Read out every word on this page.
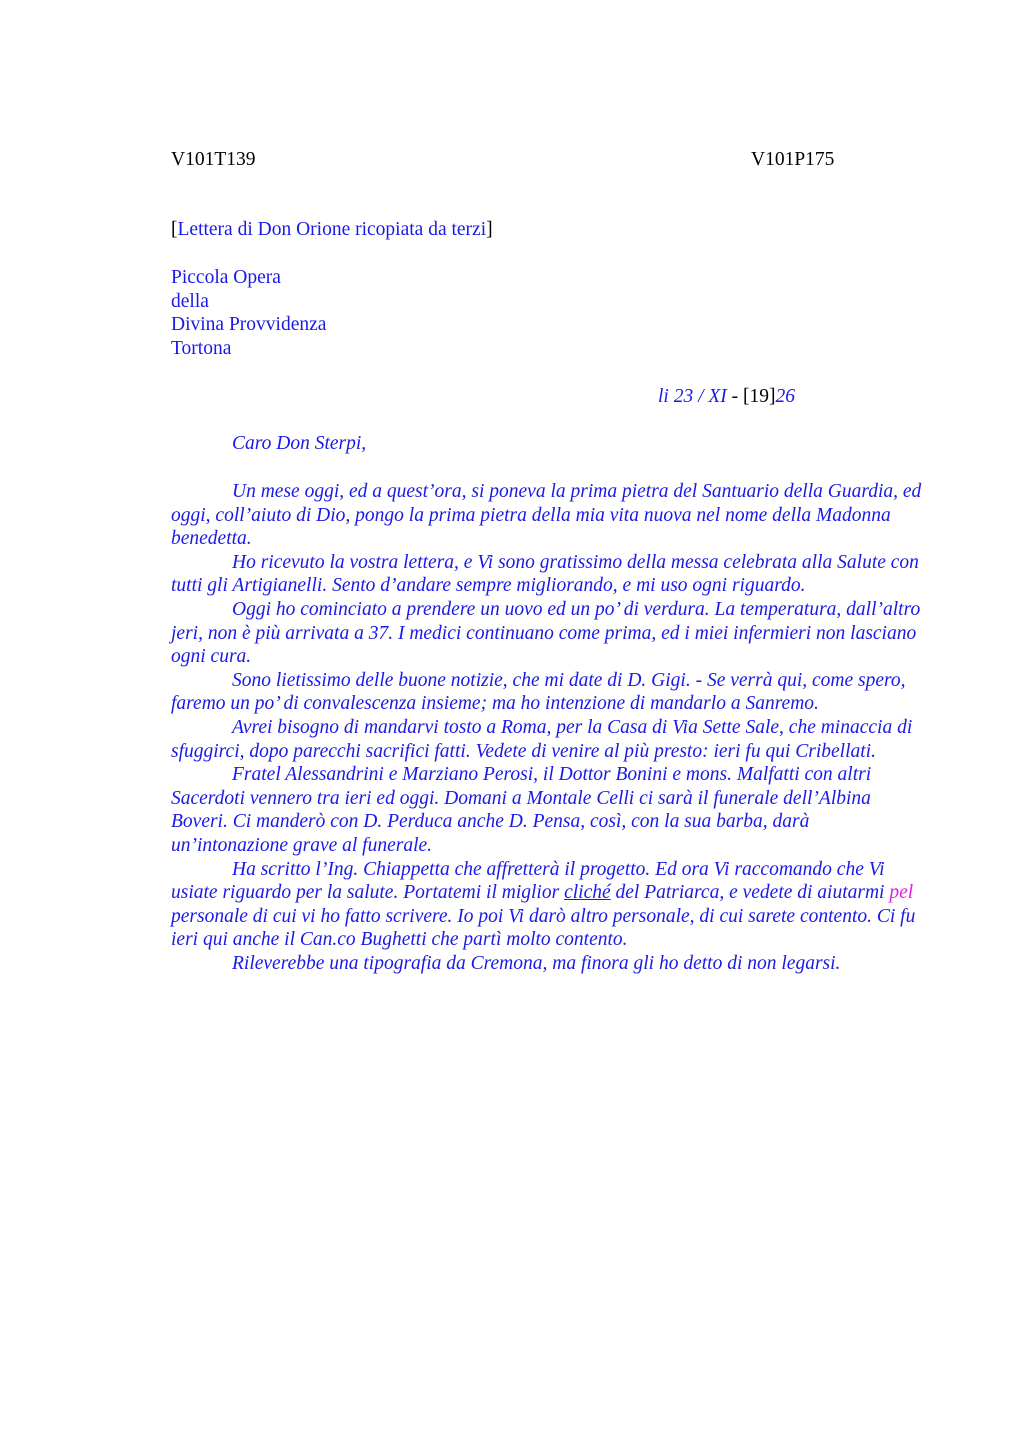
V101T139	V101P175
[Lettera di Don Orione ricopiata da terzi]
Piccola Opera
della
Divina Provvidenza
Tortona
li 23 / XI - [19]26
Caro Don Sterpi,

Un mese oggi, ed a quest’ora, si poneva la prima pietra del Santuario della Guardia, ed oggi, coll’aiuto di Dio, pongo la prima pietra della mia vita nuova nel nome della Madonna benedetta.

Ho ricevuto la vostra lettera, e Vi sono gratissimo della messa celebrata alla Salute con tutti gli Artigianelli. Sento d’andare sempre migliorando, e mi uso ogni riguardo.

Oggi ho cominciato a prendere un uovo ed un po’ di verdura. La temperatura, dall’altro jeri, non è più arrivata a 37. I medici continuano come prima, ed i miei infermieri non lasciano ogni cura.

Sono lietissimo delle buone notizie, che mi date di D. Gigi. - Se verrà qui, come spero, faremo un po’ di convalescenza insieme; ma ho intenzione di mandarlo a Sanremo.

Avrei bisogno di mandarvi tosto a Roma, per la Casa di Via Sette Sale, che minaccia di sfuggirci, dopo parecchi sacrifici fatti. Vedete di venire al più presto: ieri fu qui Cribellati.

Fratel Alessandrini e Marziano Perosi, il Dottor Bonini e mons. Malfatti con altri Sacerdoti vennero tra ieri ed oggi. Domani a Montale Celli ci sarà il funerale dell’Albina Boveri. Ci manderò con D. Perduca anche D. Pensa, così, con la sua barba, darà un’intonazione grave al funerale.

Ha scritto l’Ing. Chiappetta che affretterà il progetto. Ed ora Vi raccomando che Vi usiate riguardo per la salute. Portatemi il miglior cliché del Patriarca, e vedete di aiutarmi pel personale di cui vi ho fatto scrivere. Io poi Vi darò altro personale, di cui sarete contento. Ci fu ieri qui anche il Can.co Bughetti che partì molto contento.

Rileverebbe una tipografia da Cremona, ma finora gli ho detto di non legarsi.
